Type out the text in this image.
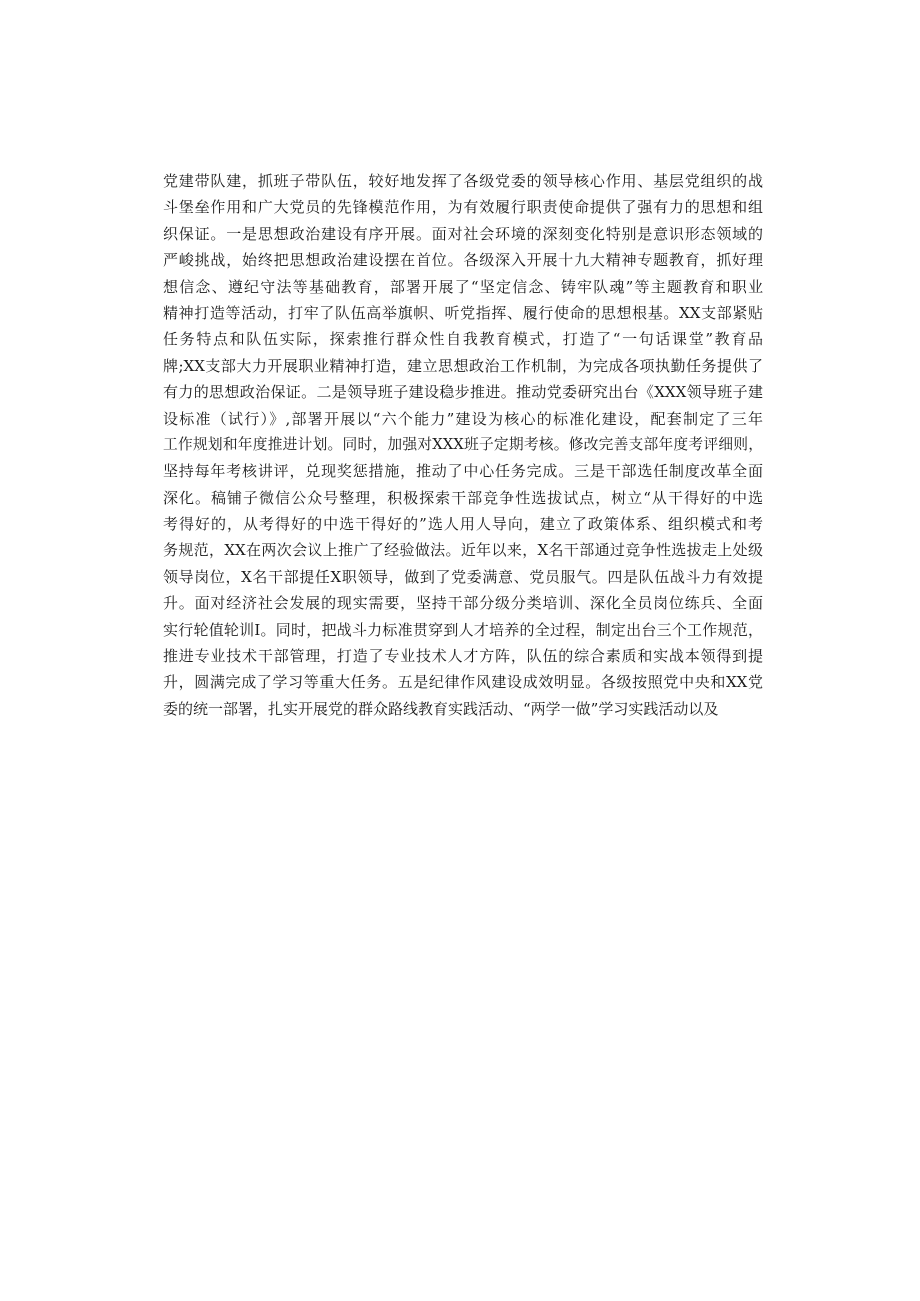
党建带队建，抓班子带队伍，较好地发挥了各级党委的领导核心作用、基层党组织的战
斗堡垒作用和广大党员的先锋模范作用，为有效履行职责使命提供了强有力的思想和组
织保证。一是思想政治建设有序开展。面对社会环境的深刻变化特别是意识形态领域的
严峻挑战，始终把思想政治建设摆在首位。各级深入开展十九大精神专题教育，抓好理
想信念、遵纪守法等基础教育，部署开展了“坚定信念、铸牢队魂”等主题教育和职业
精神打造等活动，打牢了队伍高举旗帜、听党指挥、履行使命的思想根基。XX支部紧贴
任务特点和队伍实际，探索推行群众性自我教育模式，打造了“一句话课堂”教育品
牌;XX支部大力开展职业精神打造，建立思想政治工作机制，为完成各项执勤任务提供了
有力的思想政治保证。二是领导班子建设稳步推进。推动党委研究出台《XXX领导班子建
设标准（试行）》,部署开展以“六个能力”建设为核心的标准化建设，配套制定了三年
工作规划和年度推进计划。同时，加强对XXX班子定期考核。修改完善支部年度考评细则，
坚持每年考核讲评，兑现奖惩措施，推动了中心任务完成。三是干部选任制度改革全面
深化。稿铺子微信公众号整理，积极探索干部竞争性选拔试点，树立“从干得好的中选
考得好的，从考得好的中选干得好的”选人用人导向，建立了政策体系、组织模式和考
务规范，XX在两次会议上推广了经验做法。近年以来，X名干部通过竞争性选拔走上处级
领导岗位，X名干部提任X职领导，做到了党委满意、党员服气。四是队伍战斗力有效提
升。面对经济社会发展的现实需要，坚持干部分级分类培训、深化全员岗位练兵、全面
实行轮值轮训I。同时，把战斗力标准贯穿到人才培养的全过程，制定出台三个工作规范，
推进专业技术干部管理，打造了专业技术人才方阵，队伍的综合素质和实战本领得到提
升，圆满完成了学习等重大任务。五是纪律作风建设成效明显。各级按照党中央和XX党
委的统一部署，扎实开展党的群众路线教育实践活动、“两学一做”学习实践活动以及
